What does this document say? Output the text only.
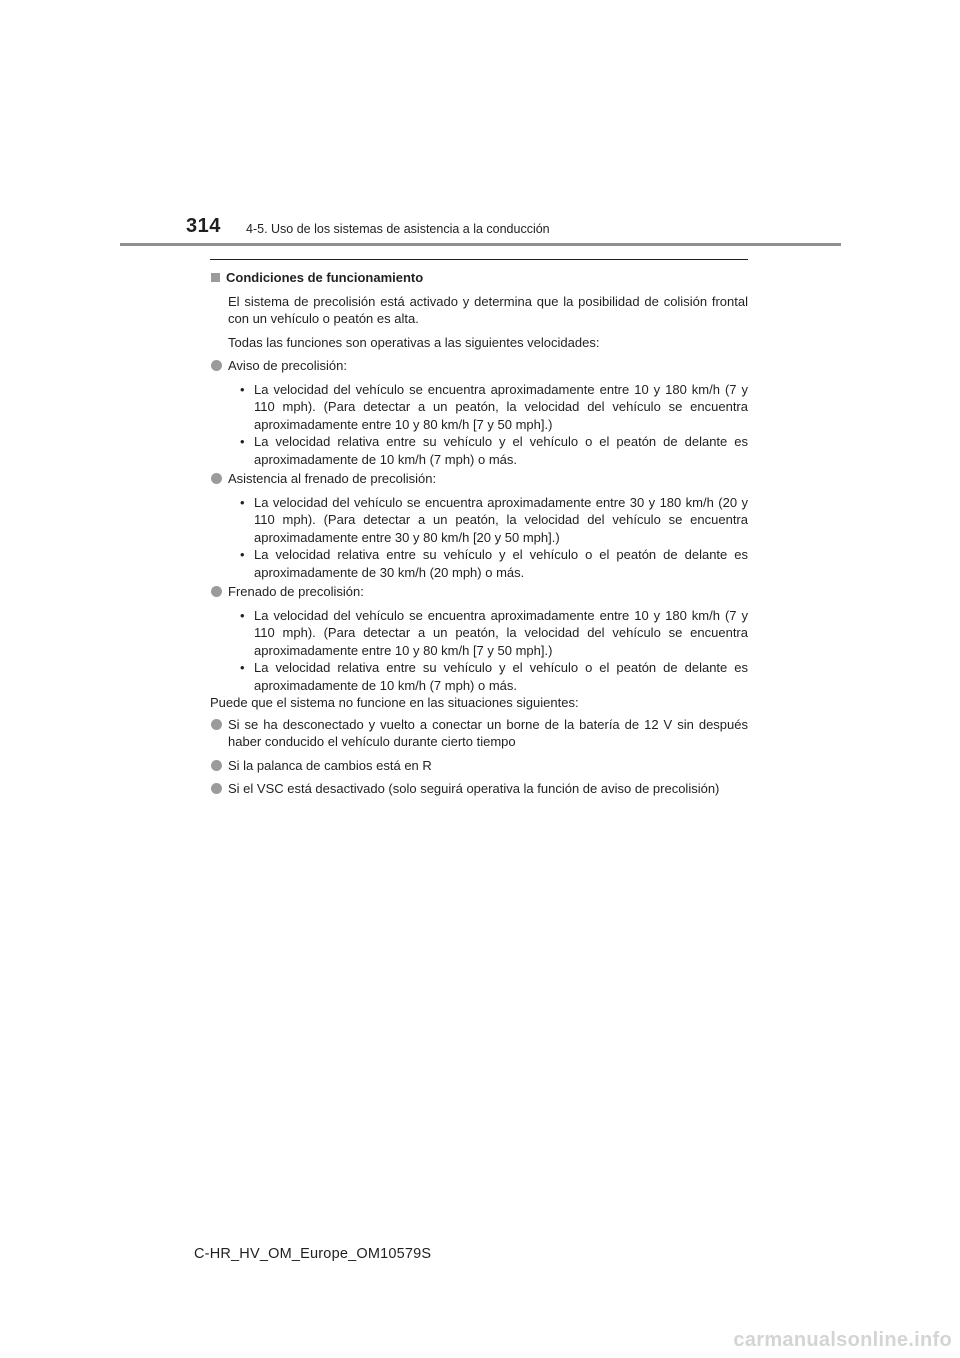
314 4-5. Uso de los sistemas de asistencia a la conducción
Condiciones de funcionamiento

El sistema de precolisión está activado y determina que la posibilidad de colisión frontal con un vehículo o peatón es alta.

Todas las funciones son operativas a las siguientes velocidades:

Aviso de precolisión:
• La velocidad del vehículo se encuentra aproximadamente entre 10 y 180 km/h (7 y 110 mph). (Para detectar a un peatón, la velocidad del vehículo se encuentra aproximadamente entre 10 y 80 km/h [7 y 50 mph].)
• La velocidad relativa entre su vehículo y el vehículo o el peatón de delante es aproximadamente de 10 km/h (7 mph) o más.
Asistencia al frenado de precolisión:
• La velocidad del vehículo se encuentra aproximadamente entre 30 y 180 km/h (20 y 110 mph). (Para detectar a un peatón, la velocidad del vehículo se encuentra aproximadamente entre 30 y 80 km/h [20 y 50 mph].)
• La velocidad relativa entre su vehículo y el vehículo o el peatón de delante es aproximadamente de 30 km/h (20 mph) o más.
Frenado de precolisión:
• La velocidad del vehículo se encuentra aproximadamente entre 10 y 180 km/h (7 y 110 mph). (Para detectar a un peatón, la velocidad del vehículo se encuentra aproximadamente entre 10 y 80 km/h [7 y 50 mph].)
• La velocidad relativa entre su vehículo y el vehículo o el peatón de delante es aproximadamente de 10 km/h (7 mph) o más.

Puede que el sistema no funcione en las situaciones siguientes:

Si se ha desconectado y vuelto a conectar un borne de la batería de 12 V sin después haber conducido el vehículo durante cierto tiempo
Si la palanca de cambios está en R
Si el VSC está desactivado (solo seguirá operativa la función de aviso de precolisión)
C-HR_HV_OM_Europe_OM10579S
carmanualsonline.info
